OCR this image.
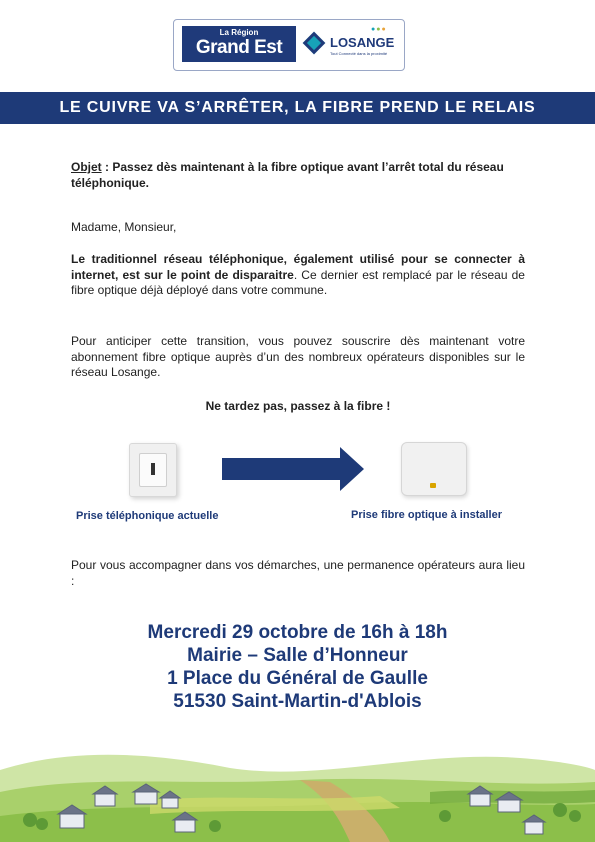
La Région
Grand Est	LOSANGE
Tout Connecté dans la proximité
●●●
LE CUIVRE VA S’ARRÊTER, LA FIBRE PREND LE RELAIS
Objet : Passez dès maintenant à la fibre optique avant l’arrêt total du réseau téléphonique.
Madame, Monsieur,
Le traditionnel réseau téléphonique, également utilisé pour se connecter à internet, est sur le point de disparaitre. Ce dernier est remplacé par le réseau de fibre optique déjà déployé dans votre commune.
Pour anticiper cette transition, vous pouvez souscrire dès maintenant votre abonnement fibre optique auprès d’un des nombreux opérateurs disponibles sur le réseau Losange.
Ne tardez pas, passez à la fibre !
Prise téléphonique actuelle	Prise fibre optique à installer
Pour vous accompagner dans vos démarches, une permanence opérateurs aura lieu :
Mercredi 29 octobre de 16h à 18h
Mairie – Salle d’Honneur
1 Place du Général de Gaulle
51530 Saint-Martin-d'Ablois
